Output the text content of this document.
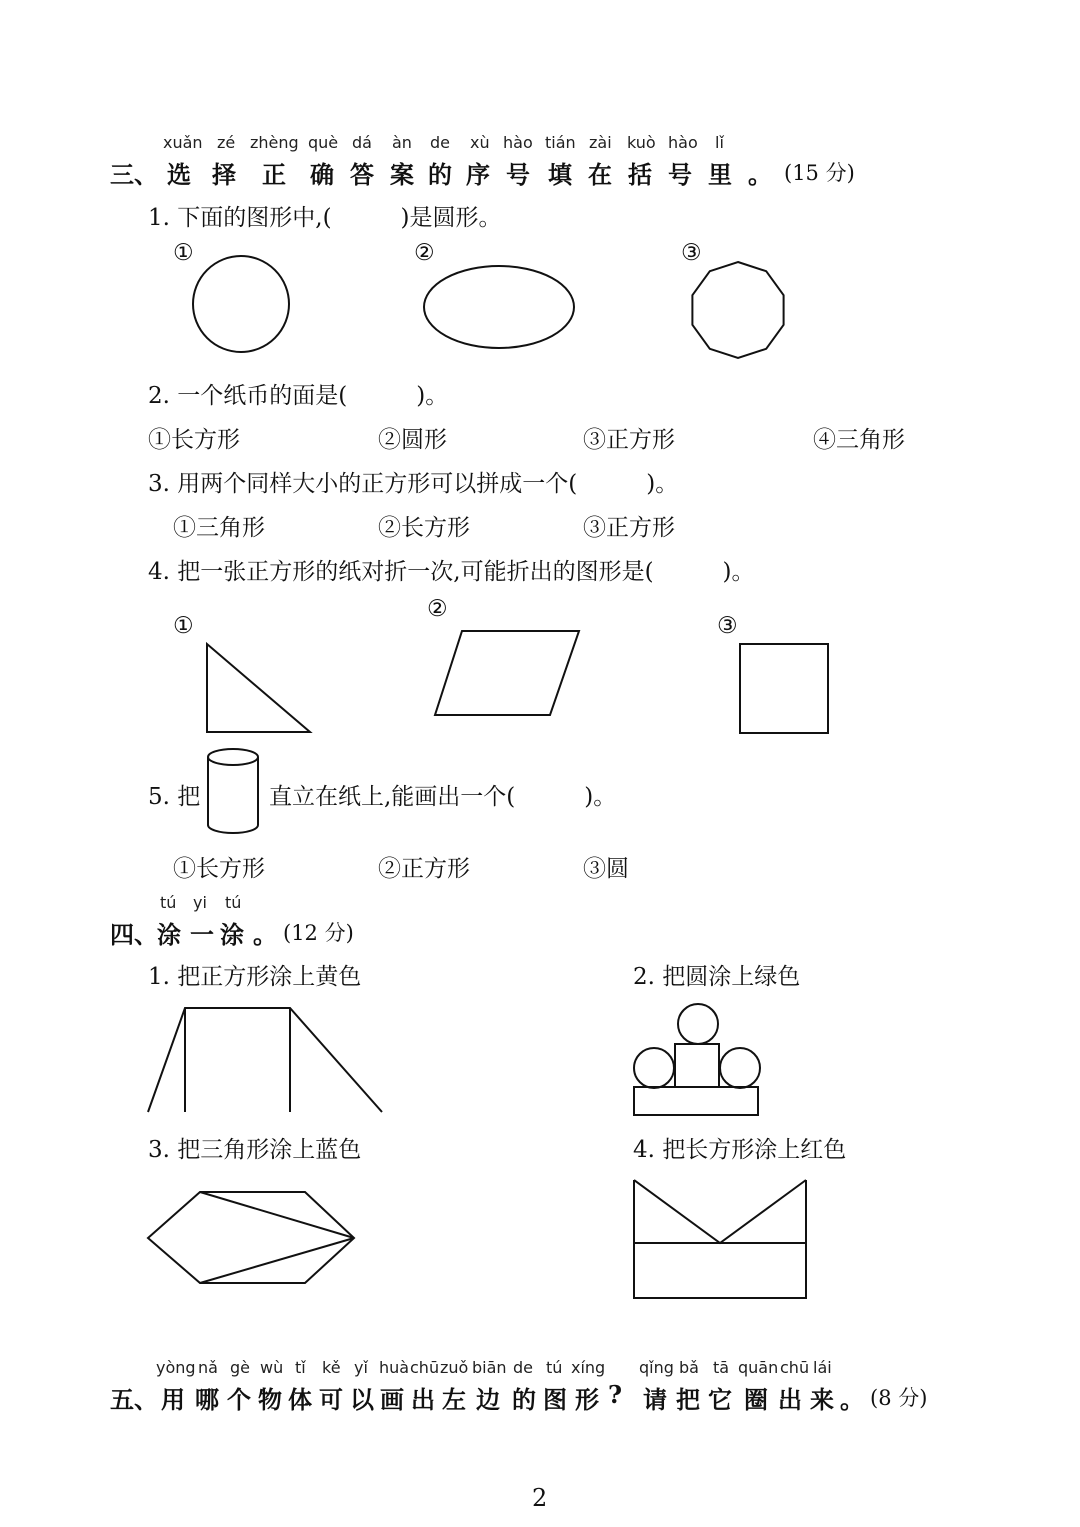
xuǎn zé zhèng què dá àn de xù hào tián zài kuò hào lǐ
三、 选 择 正 确 答 案 的 序 号 填 在 括 号 里 。 (15 分)
1. 下面的图形中,(　　　)是圆形。
①	②	③
2. 一个纸币的面是(　　　)。
①长方形	②圆形	③正方形	④三角形
3. 用两个同样大小的正方形可以拼成一个(　　　)。
①三角形	②长方形	③正方形
4. 把一张正方形的纸对折一次,可能折出的图形是(　　　)。
①
②
③
5. 把	直立在纸上,能画出一个(　　　)。
①长方形	②正方形	③圆
tú yi tú
四、 涂 一 涂 。 (12 分)
1. 把正方形涂上黄色	2. 把圆涂上绿色
3. 把三角形涂上蓝色	4. 把长方形涂上红色
yòng nǎ gè wù tǐ kě yǐ huà chū zuǒ biān de tú xíng qǐng bǎ tā quān chū lái
五、 用 哪 个 物 体 可 以 画 出 左 边 的 图 形 ? 请 把 它 圈 出 来 。 (8 分)
2
